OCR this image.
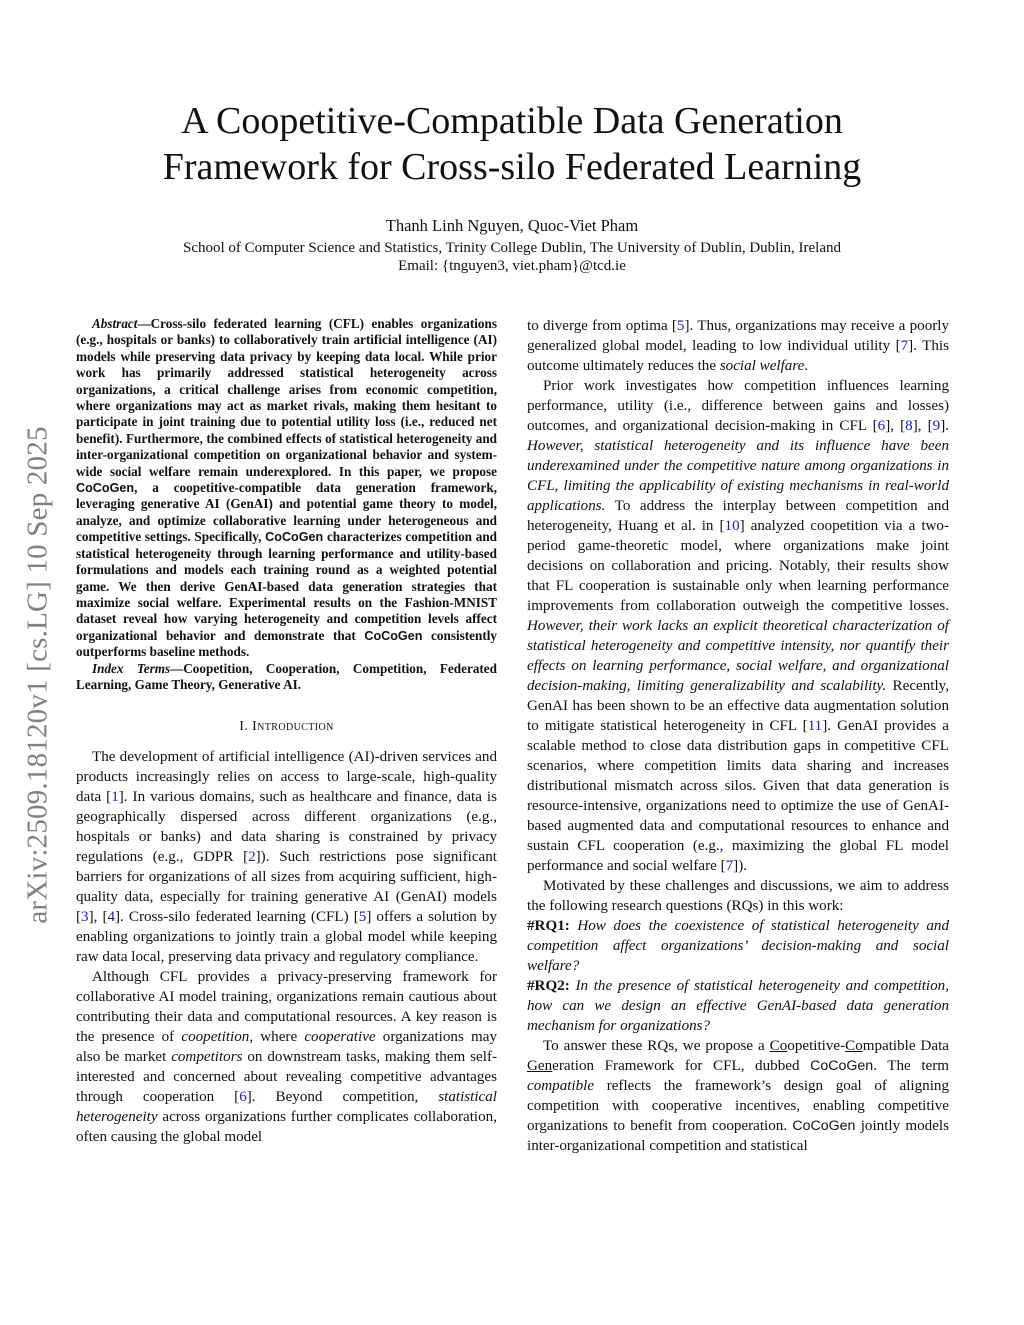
arXiv:2509.18120v1 [cs.LG] 10 Sep 2025
A Coopetitive-Compatible Data Generation
Framework for Cross-silo Federated Learning
Thanh Linh Nguyen, Quoc-Viet Pham
School of Computer Science and Statistics, Trinity College Dublin, The University of Dublin, Dublin, Ireland
Email: {tnguyen3, viet.pham}@tcd.ie

Abstract—Cross-silo federated learning (CFL) enables organizations (e.g., hospitals or banks) to collaboratively train artificial intelligence (AI) models while preserving data privacy by keeping data local. While prior work has primarily addressed statistical heterogeneity across organizations, a critical challenge arises from economic competition, where organizations may act as market rivals, making them hesitant to participate in joint training due to potential utility loss (i.e., reduced net benefit). Furthermore, the combined effects of statistical heterogeneity and inter-organizational competition on organizational behavior and system-wide social welfare remain underexplored. In this paper, we propose CoCoGen, a coopetitive-compatible data generation framework, leveraging generative AI (GenAI) and potential game theory to model, analyze, and optimize collaborative learning under heterogeneous and competitive settings. Specifically, CoCoGen characterizes competition and statistical heterogeneity through learning performance and utility-based formulations and models each training round as a weighted potential game. We then derive GenAI-based data generation strategies that maximize social welfare. Experimental results on the Fashion-MNIST dataset reveal how varying heterogeneity and competition levels affect organizational behavior and demonstrate that CoCoGen consistently outperforms baseline methods.

Index Terms—Coopetition, Cooperation, Competition, Federated Learning, Game Theory, Generative AI.

I. Introduction

The development of artificial intelligence (AI)-driven services and products increasingly relies on access to large-scale, high-quality data [1]. In various domains, such as healthcare and finance, data is geographically dispersed across different organizations (e.g., hospitals or banks) and data sharing is constrained by privacy regulations (e.g., GDPR [2]). Such restrictions pose significant barriers for organizations of all sizes from acquiring sufficient, high-quality data, especially for training generative AI (GenAI) models [3], [4]. Cross-silo federated learning (CFL) [5] offers a solution by enabling organizations to jointly train a global model while keeping raw data local, preserving data privacy and regulatory compliance.

Although CFL provides a privacy-preserving framework for collaborative AI model training, organizations remain cautious about contributing their data and computational resources. A key reason is the presence of coopetition, where cooperative organizations may also be market competitors on downstream tasks, making them self-interested and concerned about revealing competitive advantages through cooperation [6]. Beyond competition, statistical heterogeneity across organizations further complicates collaboration, often causing the global model

to diverge from optima [5]. Thus, organizations may receive a poorly generalized global model, leading to low individual utility [7]. This outcome ultimately reduces the social welfare.

Prior work investigates how competition influences learning performance, utility (i.e., difference between gains and losses) outcomes, and organizational decision-making in CFL [6], [8], [9]. However, statistical heterogeneity and its influence have been underexamined under the competitive nature among organizations in CFL, limiting the applicability of existing mechanisms in real-world applications. To address the interplay between competition and heterogeneity, Huang et al. in [10] analyzed coopetition via a two-period game-theoretic model, where organizations make joint decisions on collaboration and pricing. Notably, their results show that FL cooperation is sustainable only when learning performance improvements from collaboration outweigh the competitive losses. However, their work lacks an explicit theoretical characterization of statistical heterogeneity and competitive intensity, nor quantify their effects on learning performance, social welfare, and organizational decision-making, limiting generalizability and scalability. Recently, GenAI has been shown to be an effective data augmentation solution to mitigate statistical heterogeneity in CFL [11]. GenAI provides a scalable method to close data distribution gaps in competitive CFL scenarios, where competition limits data sharing and increases distributional mismatch across silos. Given that data generation is resource-intensive, organizations need to optimize the use of GenAI-based augmented data and computational resources to enhance and sustain CFL cooperation (e.g., maximizing the global FL model performance and social welfare [7]).

Motivated by these challenges and discussions, we aim to address the following research questions (RQs) in this work:

#RQ1: How does the coexistence of statistical heterogeneity and competition affect organizations’ decision-making and social welfare?

#RQ2: In the presence of statistical heterogeneity and competition, how can we design an effective GenAI-based data generation mechanism for organizations?

To answer these RQs, we propose a Coopetitive-Compatible Data Generation Framework for CFL, dubbed CoCoGen. The term compatible reflects the framework’s design goal of aligning competition with cooperative incentives, enabling competitive organizations to benefit from cooperation. CoCoGen jointly models inter-organizational competition and statistical
